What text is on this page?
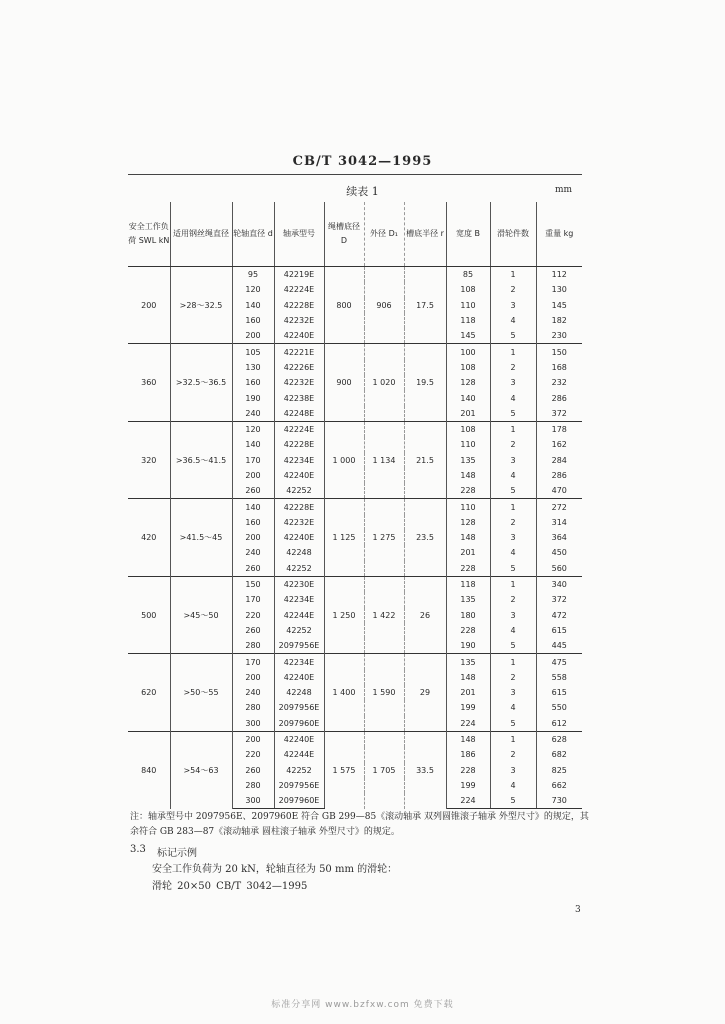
CB/T 3042—1995
续表 1	mm
安全工作负荷 SWL kN	适用钢丝绳直径	轮轴直径 d	轴承型号	绳槽底径 D	外径 D₁	槽底半径 r	宽度 B	滑轮件数	重量 kg
200	>28～32.5	95	42219E	800	906	17.5	85	1	112
		120	42224E				108	2	130
		140	42228E				110	3	145
		160	42232E				118	4	182
		200	42240E				145	5	230
360	>32.5～36.5	105	42221E	900	1 020	19.5	100	1	150
		130	42226E				108	2	168
		160	42232E				128	3	232
		190	42238E				140	4	286
		240	42248E				201	5	372
320	>36.5～41.5	120	42224E	1 000	1 134	21.5	108	1	178
		140	42228E				110	2	162
		170	42234E				135	3	284
		200	42240E				148	4	286
		260	42252				228	5	470
420	>41.5～45	140	42228E	1 125	1 275	23.5	110	1	272
		160	42232E				128	2	314
		200	42240E				148	3	364
		240	42248				201	4	450
		260	42252				228	5	560
500	>45～50	150	42230E	1 250	1 422	26	118	1	340
		170	42234E				135	2	372
		220	42244E				180	3	472
		260	42252				228	4	615
		280	2097956E				190	5	445
620	>50～55	170	42234E	1 400	1 590	29	135	1	475
		200	42240E				148	2	558
		240	42248				201	3	615
		280	2097956E				199	4	550
		300	2097960E				224	5	612
840	>54～63	200	42240E	1 575	1 705	33.5	148	1	628
		220	42244E				186	2	682
		260	42252				228	3	825
		280	2097956E				199	4	662
		300	2097960E				224	5	730
注：轴承型号中 2097956E、2097960E 符合 GB 299—85《滚动轴承 双列圆锥滚子轴承 外型尺寸》的规定，其余符合 GB 283—87《滚动轴承 圆柱滚子轴承 外型尺寸》的规定。
3.3 标记示例
安全工作负荷为 20 kN，轮轴直径为 50 mm 的滑轮：
滑轮 20×50 CB/T 3042—1995
3
标准分享网 www.bzfxw.com 免费下载
